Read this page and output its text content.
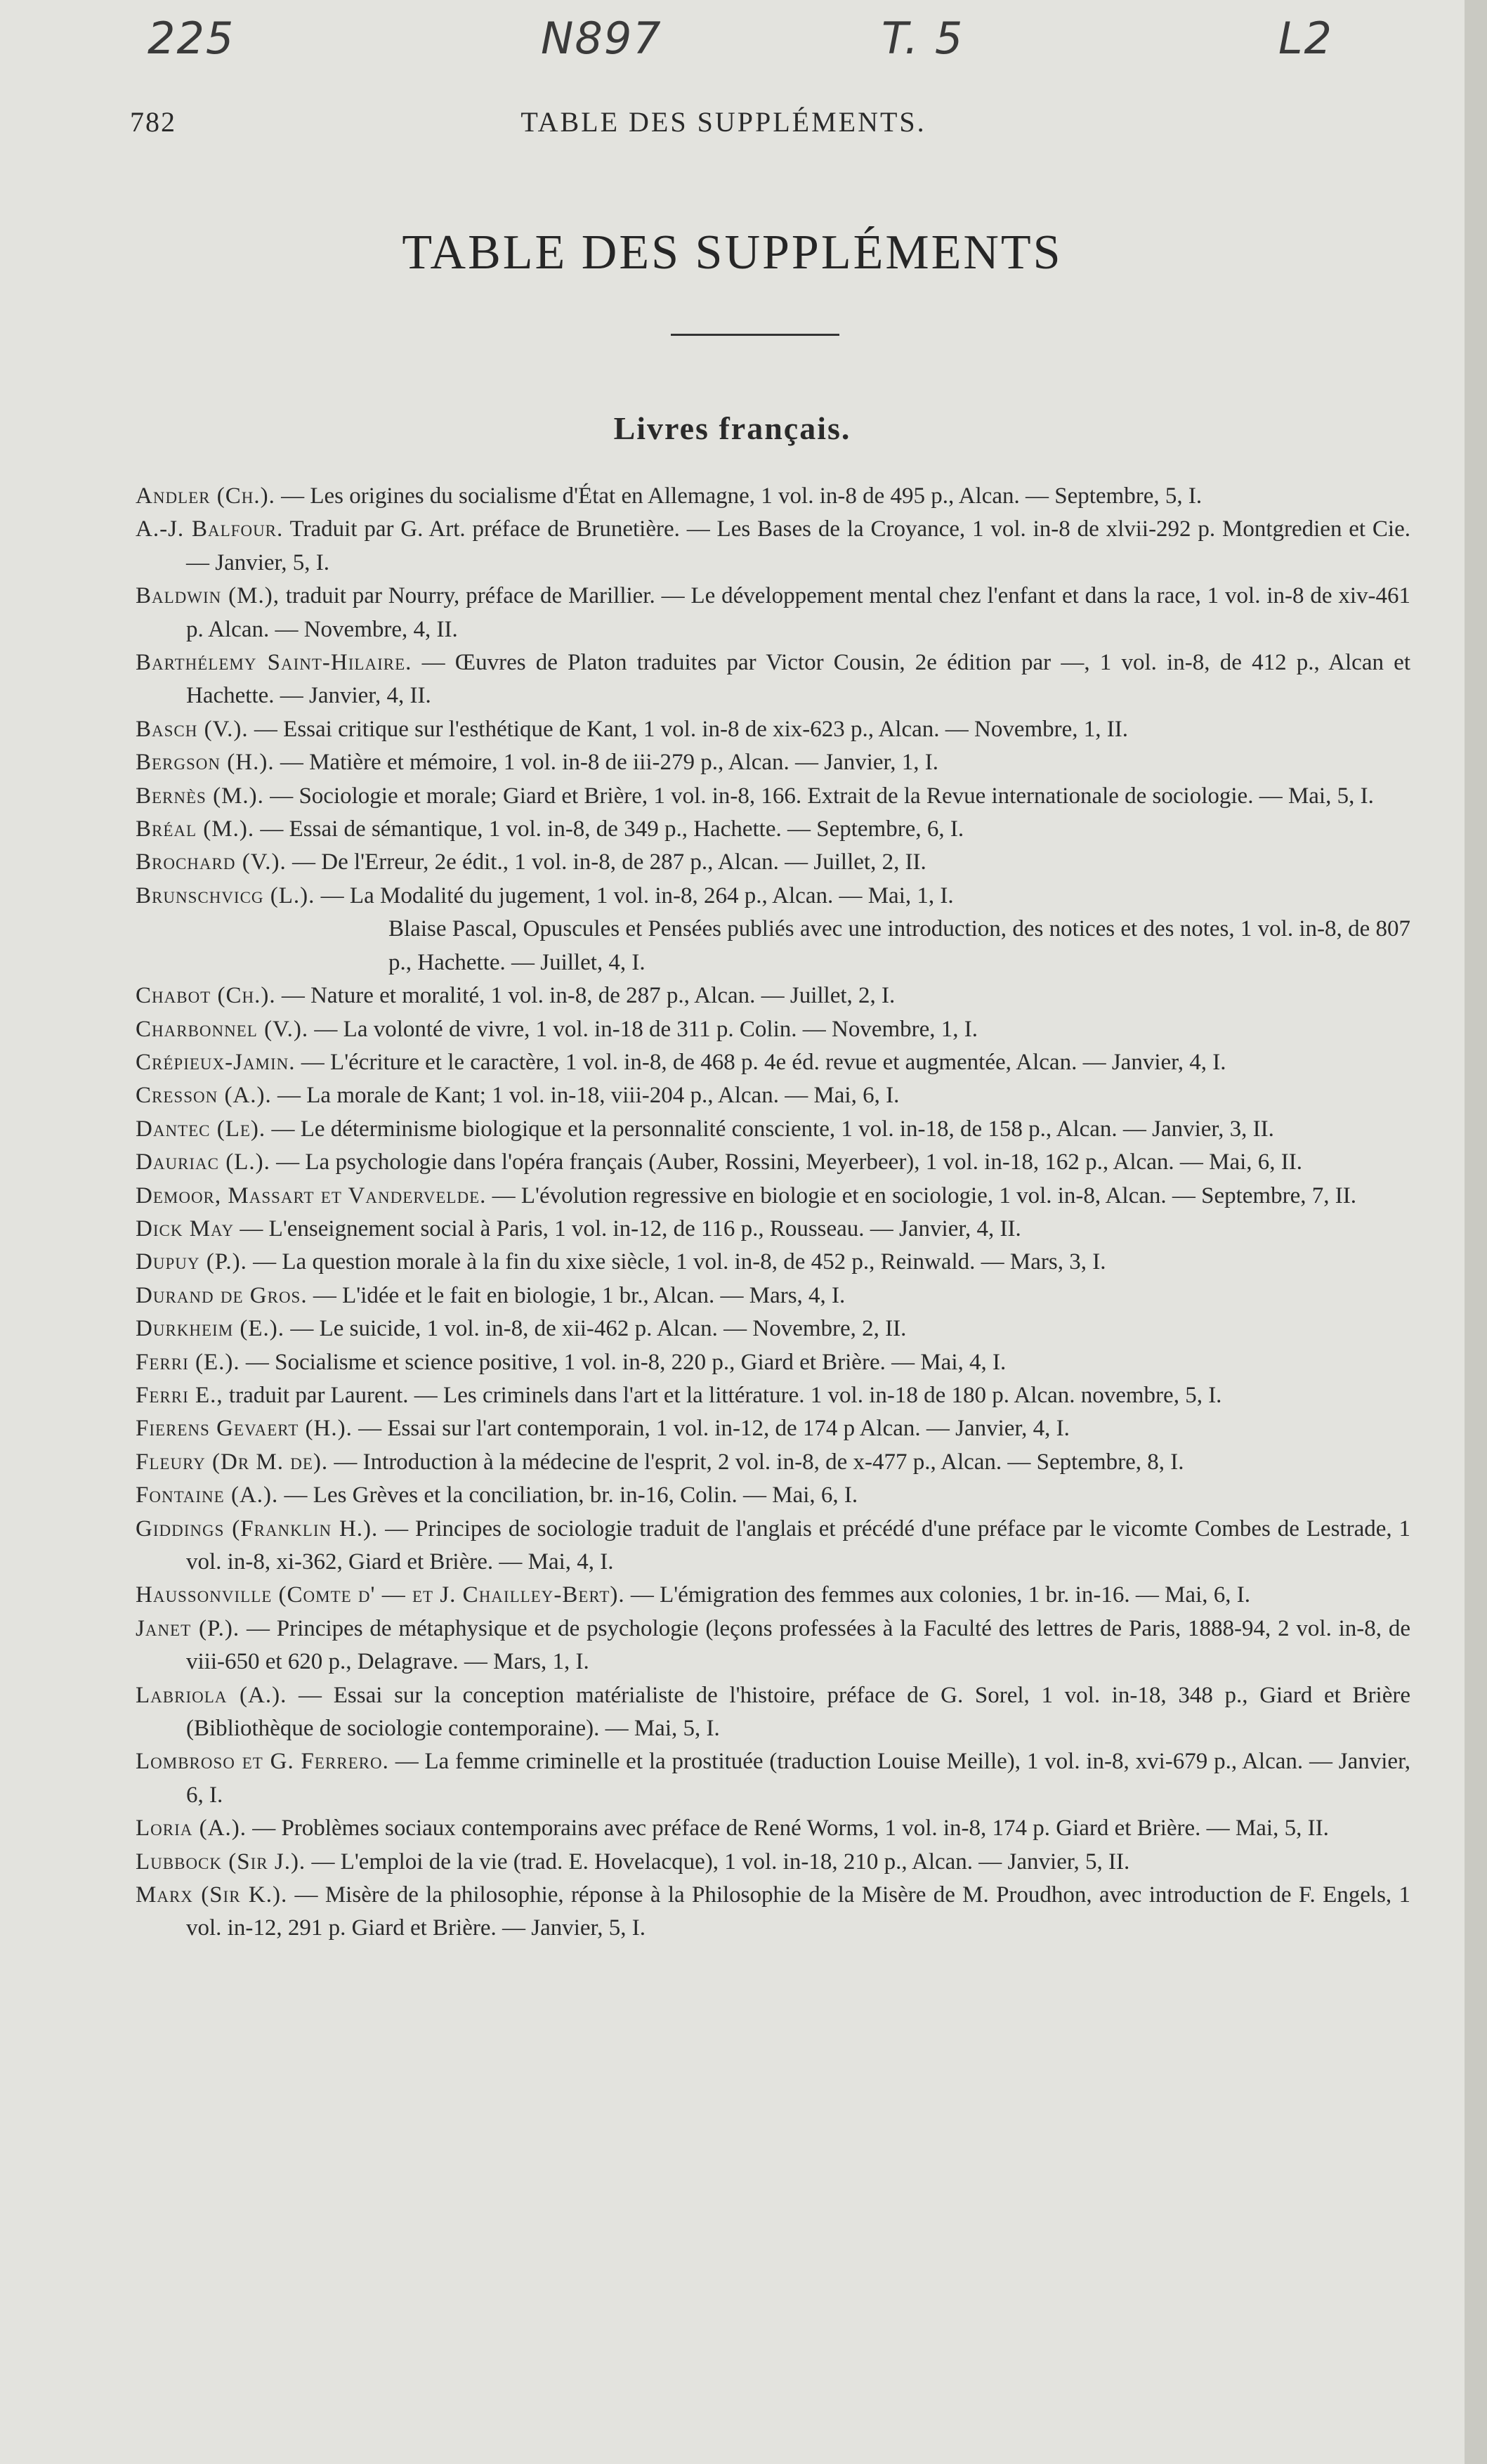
225	N897	T. 5	L2
782	TABLE DES SUPPLÉMENTS.
TABLE DES SUPPLÉMENTS
Livres français.
Andler (Ch.). — Les origines du socialisme d'État en Allemagne, 1 vol. in-8 de 495 p., Alcan. — Septembre, 5, I.
A.-J. Balfour. Traduit par G. Art. préface de Brunetière. — Les Bases de la Croyance, 1 vol. in-8 de xlvii-292 p. Montgredien et Cie. — Janvier, 5, I.
Baldwin (M.), traduit par Nourry, préface de Marillier. — Le développement mental chez l'enfant et dans la race, 1 vol. in-8 de xiv-461 p. Alcan. — Novembre, 4, II.
Barthélemy Saint-Hilaire. — Œuvres de Platon traduites par Victor Cousin, 2e édition par —, 1 vol. in-8, de 412 p., Alcan et Hachette. — Janvier, 4, II.
Basch (V.). — Essai critique sur l'esthétique de Kant, 1 vol. in-8 de xix-623 p., Alcan. — Novembre, 1, II.
Bergson (H.). — Matière et mémoire, 1 vol. in-8 de iii-279 p., Alcan. — Janvier, 1, I.
Bernès (M.). — Sociologie et morale; Giard et Brière, 1 vol. in-8, 166. Extrait de la Revue internationale de sociologie. — Mai, 5, I.
Bréal (M.). — Essai de sémantique, 1 vol. in-8, de 349 p., Hachette. — Septembre, 6, I.
Brochard (V.). — De l'Erreur, 2e édit., 1 vol. in-8, de 287 p., Alcan. — Juillet, 2, II.
Brunschvicg (L.). — La Modalité du jugement, 1 vol. in-8, 264 p., Alcan. — Mai, 1, I.
Blaise Pascal, Opuscules et Pensées publiés avec une introduction, des notices et des notes, 1 vol. in-8, de 807 p., Hachette. — Juillet, 4, I.
Chabot (Ch.). — Nature et moralité, 1 vol. in-8, de 287 p., Alcan. — Juillet, 2, I.
Charbonnel (V.). — La volonté de vivre, 1 vol. in-18 de 311 p. Colin. — Novembre, 1, I.
Crépieux-Jamin. — L'écriture et le caractère, 1 vol. in-8, de 468 p. 4e éd. revue et augmentée, Alcan. — Janvier, 4, I.
Cresson (A.). — La morale de Kant; 1 vol. in-18, viii-204 p., Alcan. — Mai, 6, I.
Dantec (Le). — Le déterminisme biologique et la personnalité consciente, 1 vol. in-18, de 158 p., Alcan. — Janvier, 3, II.
Dauriac (L.). — La psychologie dans l'opéra français (Auber, Rossini, Meyerbeer), 1 vol. in-18, 162 p., Alcan. — Mai, 6, II.
Demoor, Massart et Vandervelde. — L'évolution regressive en biologie et en sociologie, 1 vol. in-8, Alcan. — Septembre, 7, II.
Dick May — L'enseignement social à Paris, 1 vol. in-12, de 116 p., Rousseau. — Janvier, 4, II.
Dupuy (P.). — La question morale à la fin du xixe siècle, 1 vol. in-8, de 452 p., Reinwald. — Mars, 3, I.
Durand de Gros. — L'idée et le fait en biologie, 1 br., Alcan. — Mars, 4, I.
Durkheim (E.). — Le suicide, 1 vol. in-8, de xii-462 p. Alcan. — Novembre, 2, II.
Ferri (E.). — Socialisme et science positive, 1 vol. in-8, 220 p., Giard et Brière. — Mai, 4, I.
Ferri E., traduit par Laurent. — Les criminels dans l'art et la littérature. 1 vol. in-18 de 180 p. Alcan. novembre, 5, I.
Fierens Gevaert (H.). — Essai sur l'art contemporain, 1 vol. in-12, de 174 p Alcan. — Janvier, 4, I.
Fleury (Dr M. de). — Introduction à la médecine de l'esprit, 2 vol. in-8, de x-477 p., Alcan. — Septembre, 8, I.
Fontaine (A.). — Les Grèves et la conciliation, br. in-16, Colin. — Mai, 6, I.
Giddings (Franklin H.). — Principes de sociologie traduit de l'anglais et précédé d'une préface par le vicomte Combes de Lestrade, 1 vol. in-8, xi-362, Giard et Brière. — Mai, 4, I.
Haussonville (Comte d' — et J. Chailley-Bert). — L'émigration des femmes aux colonies, 1 br. in-16. — Mai, 6, I.
Janet (P.). — Principes de métaphysique et de psychologie (leçons professées à la Faculté des lettres de Paris, 1888-94, 2 vol. in-8, de viii-650 et 620 p., Delagrave. — Mars, 1, I.
Labriola (A.). — Essai sur la conception matérialiste de l'histoire, préface de G. Sorel, 1 vol. in-18, 348 p., Giard et Brière (Bibliothèque de sociologie contemporaine). — Mai, 5, I.
Lombroso et G. Ferrero. — La femme criminelle et la prostituée (traduction Louise Meille), 1 vol. in-8, xvi-679 p., Alcan. — Janvier, 6, I.
Loria (A.). — Problèmes sociaux contemporains avec préface de René Worms, 1 vol. in-8, 174 p. Giard et Brière. — Mai, 5, II.
Lubbock (Sir J.). — L'emploi de la vie (trad. E. Hovelacque), 1 vol. in-18, 210 p., Alcan. — Janvier, 5, II.
Marx (Sir K.). — Misère de la philosophie, réponse à la Philosophie de la Misère de M. Proudhon, avec introduction de F. Engels, 1 vol. in-12, 291 p. Giard et Brière. — Janvier, 5, I.
